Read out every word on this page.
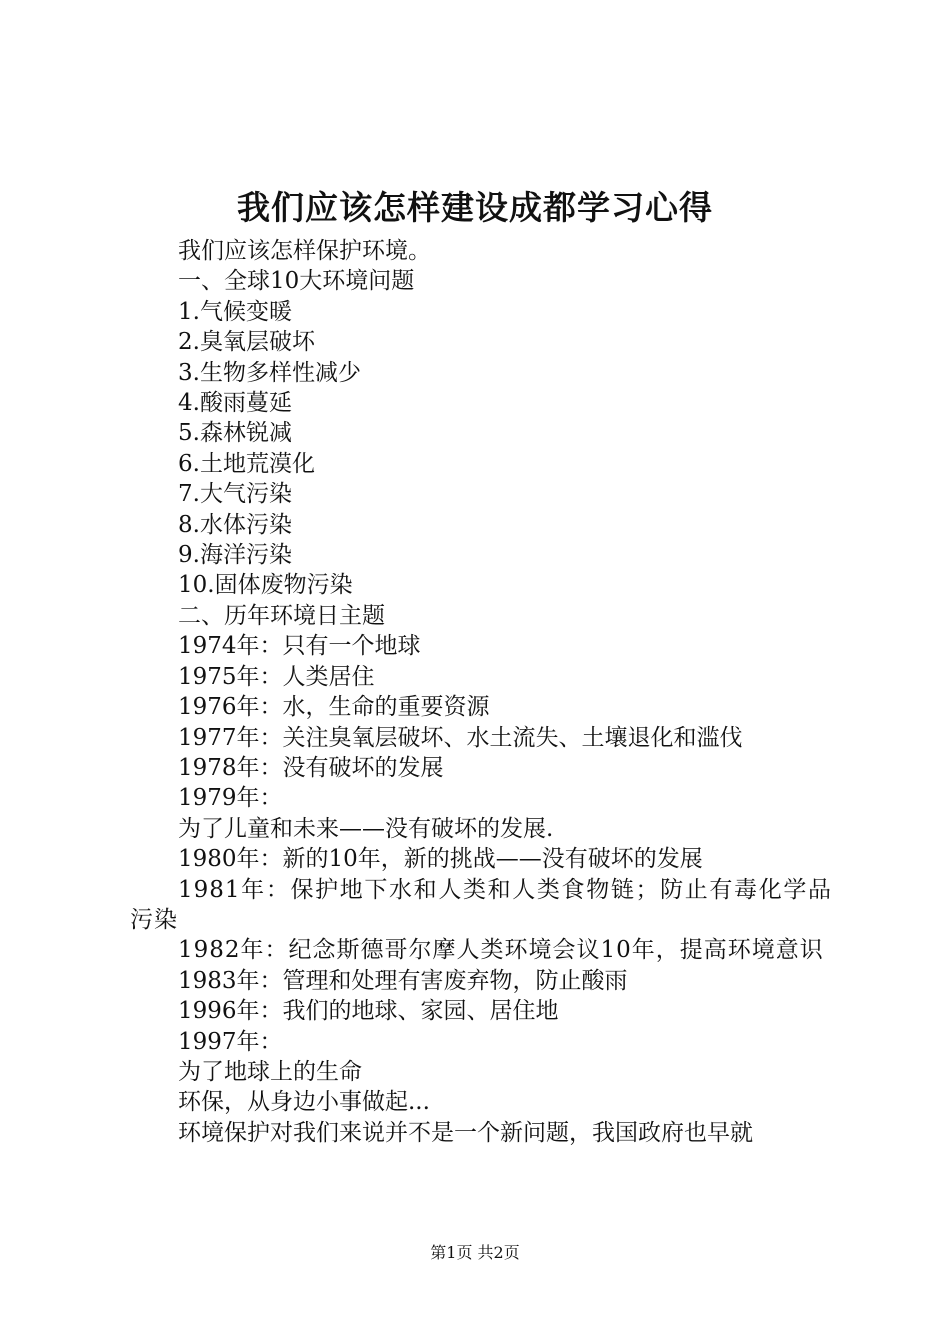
我们应该怎样建设成都学习心得

我们应该怎样保护环境。

一、全球10大环境问题

1.气候变暖

2.臭氧层破坏

3.生物多样性减少

4.酸雨蔓延

5.森林锐减

6.土地荒漠化

7.大气污染

8.水体污染

9.海洋污染

10.固体废物污染

二、历年环境日主题

1974年：只有一个地球

1975年：人类居住

1976年：水，生命的重要资源

1977年：关注臭氧层破坏、水土流失、土壤退化和滥伐

1978年：没有破坏的发展

1979年：

为了儿童和未来——没有破坏的发展.

1980年：新的10年，新的挑战——没有破坏的发展

1981年：保护地下水和人类和人类食物链；防止有毒化学品污染

1982年：纪念斯德哥尔摩人类环境会议10年，提高环境意识

1983年：管理和处理有害废弃物，防止酸雨

1996年：我们的地球、家园、居住地

1997年：

为了地球上的生命

环保，从身边小事做起...

环境保护对我们来说并不是一个新问题，我国政府也早就

第1页 共2页
